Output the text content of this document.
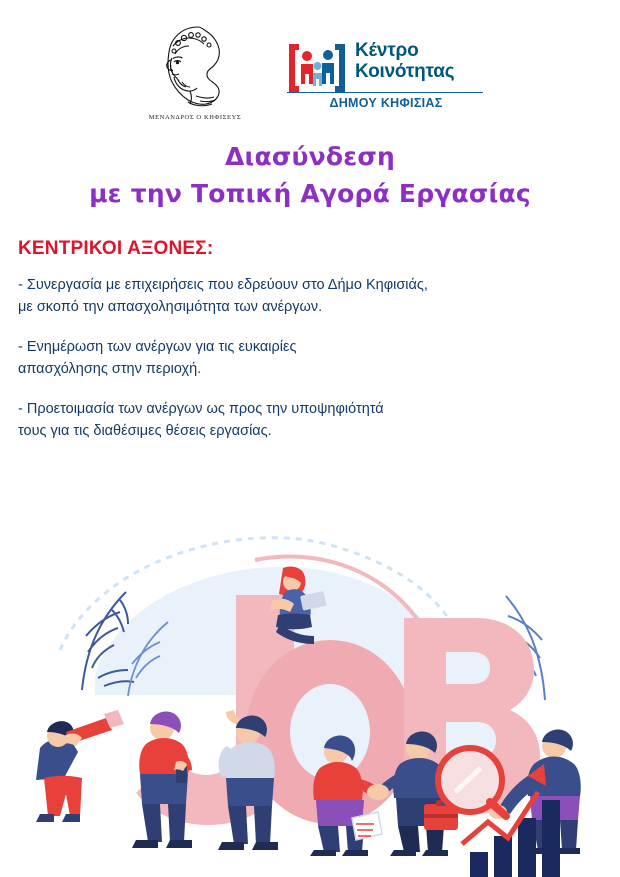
ΜΕΝΑΝΔΡΟΣ Ο ΚΗΦΙΣΕΥΣ
Κέντρο
Κοινότητας
ΔΗΜΟΥ ΚΗΦΙΣΙΑΣ
Διασύνδεση
με την Τοπική Αγορά Εργασίας
ΚΕΝΤΡΙΚΟΙ ΑΞΟΝΕΣ:
- Συνεργασία με επιχειρήσεις που εδρεύουν στο Δήμο Κηφισιάς,
με σκοπό την απασχολησιμότητα των ανέργων.
- Ενημέρωση των ανέργων για τις ευκαιρίες
απασχόλησης στην περιοχή.
- Προετοιμασία των ανέργων ως προς την υποψηφιότητά
τους για τις διαθέσιμες θέσεις εργασίας.
